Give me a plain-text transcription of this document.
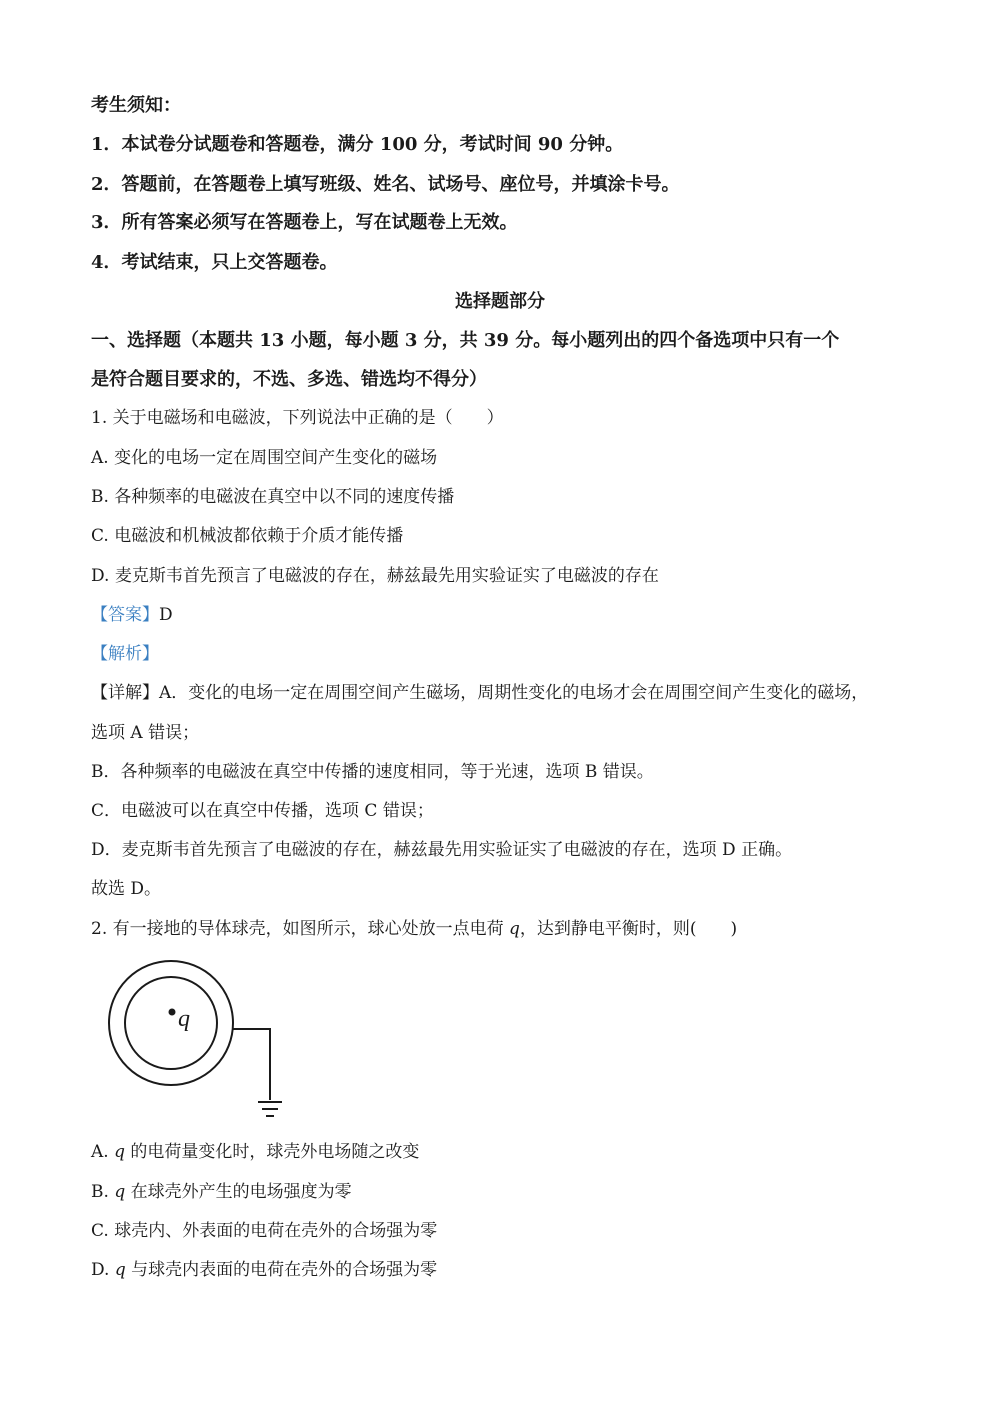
考生须知：
1．本试卷分试题卷和答题卷，满分 100 分，考试时间 90 分钟。
2．答题前，在答题卷上填写班级、姓名、试场号、座位号，并填涂卡号。
3．所有答案必须写在答题卷上，写在试题卷上无效。
4．考试结束，只上交答题卷。
选择题部分
一、选择题（本题共 13 小题，每小题 3 分，共 39 分。每小题列出的四个备选项中只有一个
是符合题目要求的，不选、多选、错选均不得分）
1. 关于电磁场和电磁波，下列说法中正确的是（　　）
A. 变化的电场一定在周围空间产生变化的磁场
B. 各种频率的电磁波在真空中以不同的速度传播
C. 电磁波和机械波都依赖于介质才能传播
D. 麦克斯韦首先预言了电磁波的存在，赫兹最先用实验证实了电磁波的存在
【答案】D
【解析】
【详解】A．变化的电场一定在周围空间产生磁场，周期性变化的电场才会在周围空间产生变化的磁场，
选项 A 错误；
B．各种频率的电磁波在真空中传播的速度相同，等于光速，选项 B 错误。
C．电磁波可以在真空中传播，选项 C 错误；
D．麦克斯韦首先预言了电磁波的存在，赫兹最先用实验证实了电磁波的存在，选项 D 正确。
故选 D。
2. 有一接地的导体球壳，如图所示，球心处放一点电荷 q，达到静电平衡时，则(　　)
q
A. q 的电荷量变化时，球壳外电场随之改变
B. q 在球壳外产生的电场强度为零
C. 球壳内、外表面的电荷在壳外的合场强为零
D. q 与球壳内表面的电荷在壳外的合场强为零
